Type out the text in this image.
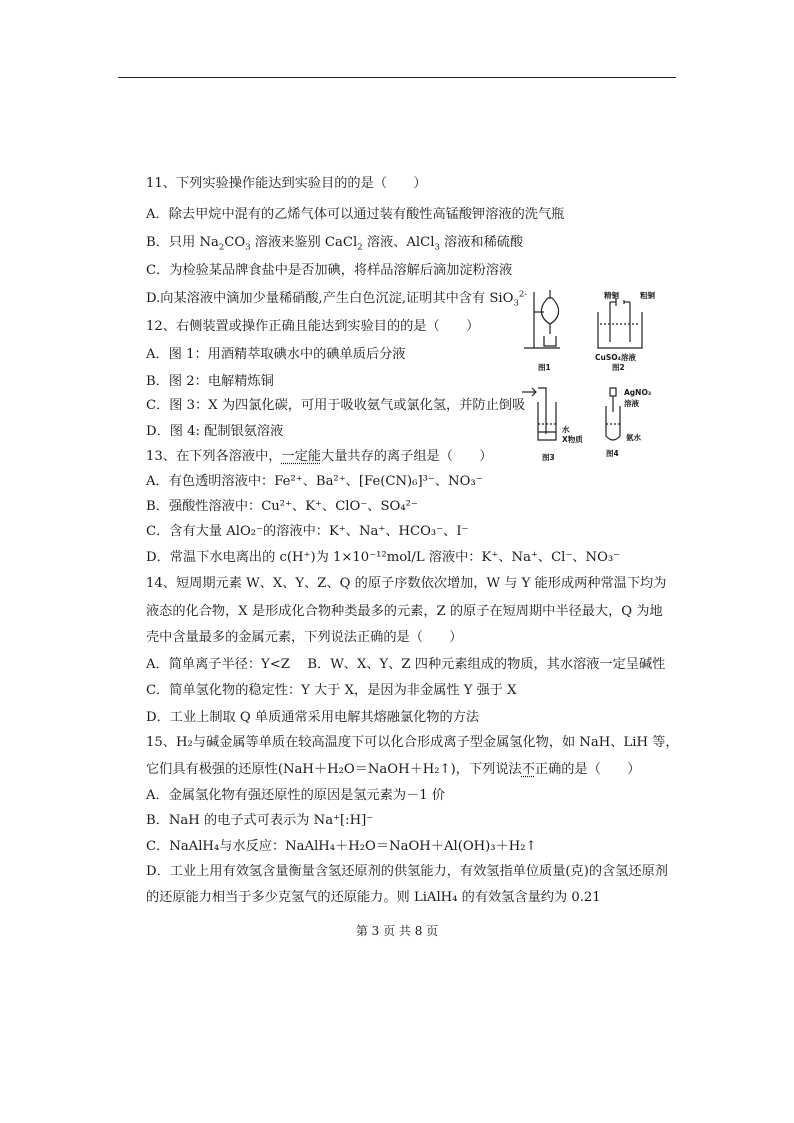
11、下列实验操作能达到实验目的的是（　　）
A．除去甲烷中混有的乙烯气体可以通过装有酸性高锰酸钾溶液的洗气瓶
B．只用 $Na_2CO_3$ 溶液来鉴别 CaCl$_2$ 溶液、AlCl$_3$ 溶液和稀硫酸
C．为检验某品牌食盐中是否加碘，将样品溶解后滴加淀粉溶液
D.向某溶液中滴加少量稀硝酸,产生白色沉淀,证明其中含有 SiO$_3^{2-}$
12、右侧装置或操作正确且能达到实验目的的是（　　）
A．图 1：用酒精萃取碘水中的碘单质后分液
B．图 2：电解精炼铜
C．图 3：X 为四氯化碳，可用于吸收氨气或氯化氢，并防止倒吸
D．图 4: 配制银氨溶液
精铜	粗铜
CuSO₄溶液
图1	图2
水
X物质
AgNO₃
溶液
氨水
图3	图4
13、在下列各溶液中，一定能大量共存的离子组是（　　）
A．有色透明溶液中：Fe²⁺、Ba²⁺、[Fe(CN)₆]³⁻、NO₃⁻
B．强酸性溶液中：Cu²⁺、K⁺、ClO⁻、SO₄²⁻
C．含有大量 AlO₂⁻的溶液中：K⁺、Na⁺、HCO₃⁻、I⁻
D．常温下水电离出的 c(H⁺)为 1×10⁻¹²mol/L 溶液中：K⁺、Na⁺、Cl⁻、NO₃⁻
14、短周期元素 W、X、Y、Z、Q 的原子序数依次增加，W 与 Y 能形成两种常温下均为
液态的化合物，X 是形成化合物种类最多的元素，Z 的原子在短周期中半径最大，Q 为地
壳中含量最多的金属元素，下列说法正确的是（　　）
A．简单离子半径：Y<Z　 B．W、X、Y、Z 四种元素组成的物质，其水溶液一定呈碱性
C．简单氢化物的稳定性：Y 大于 X，是因为非金属性 Y 强于 X
D．工业上制取 Q 单质通常采用电解其熔融氯化物的方法
15、H₂与碱金属等单质在较高温度下可以化合形成离子型金属氢化物，如 NaH、LiH 等，
它们具有极强的还原性(NaH＋H₂O＝NaOH＋H₂↑)，下列说法不正确的是（　　）
A．金属氢化物有强还原性的原因是氢元素为－1 价
B．NaH 的电子式可表示为 Na⁺[:H]⁻
C．NaAlH₄与水反应：NaAlH₄＋H₂O＝NaOH＋Al(OH)₃＋H₂↑
D．工业上用有效氢含量衡量含氢还原剂的供氢能力，有效氢指单位质量(克)的含氢还原剂
的还原能力相当于多少克氢气的还原能力。则 LiAlH₄ 的有效氢含量约为 0.21
第 3 页 共 8 页
